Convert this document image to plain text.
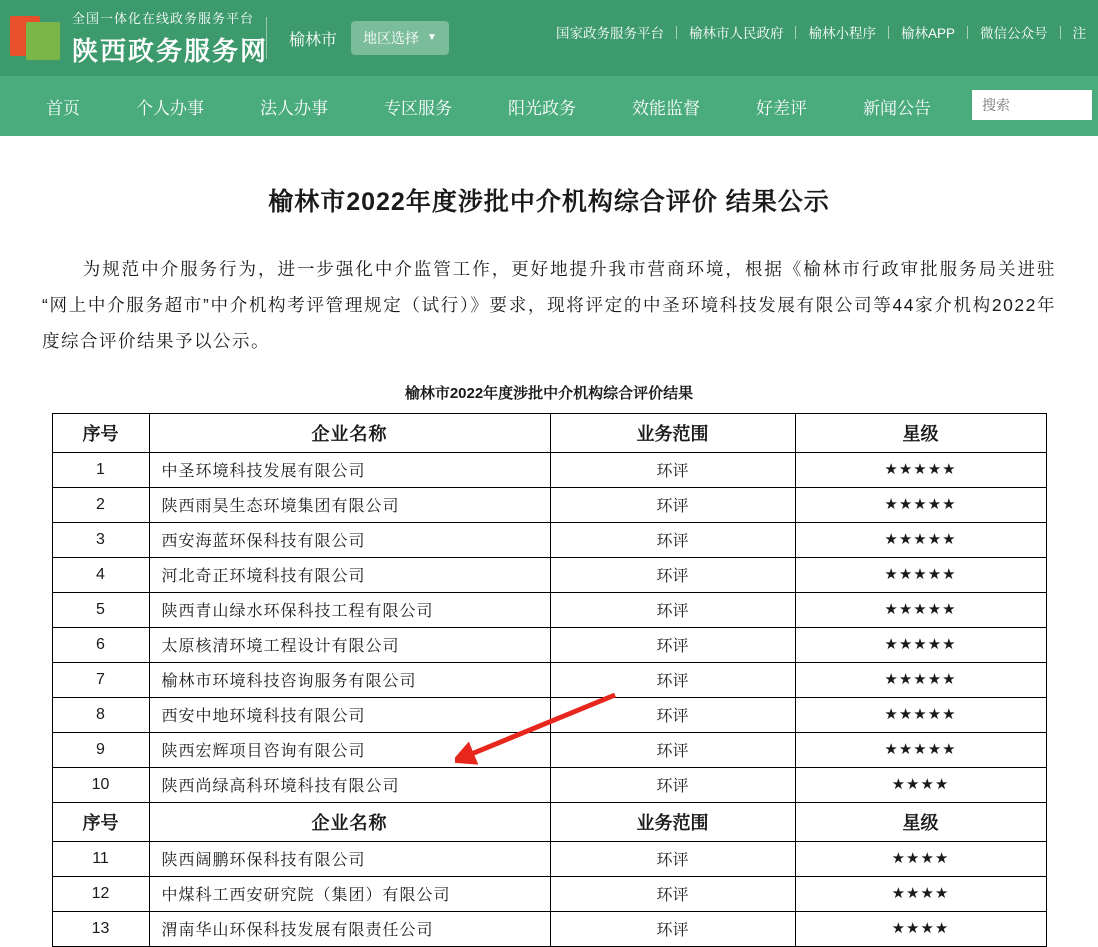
全国一体化在线政务服务平台
陕西政务服务网 榆林市 地区选择 ▼	国家政务服务平台	榆林市人民政府	榆林小程序	榆林APP	微信公众号	注
首页	个人办事	法人办事	专区服务	阳光政务	效能监督	好差评	新闻公告
搜索
榆林市2022年度涉批中介机构综合评价 结果公示

为规范中介服务行为，进一步强化中介监管工作，更好地提升我市营商环境，根据《榆林市行政审批服务局关进驻“网上中介服务超市”中介机构考评管理规定（试行）》要求，现将评定的中圣环境科技发展有限公司等44家介机构2022年度综合评价结果予以公示。

榆林市2022年度涉批中介机构综合评价结果
序号	企业名称	业务范围	星级
1	中圣环境科技发展有限公司	环评	★★★★★
2	陕西雨昊生态环境集团有限公司	环评	★★★★★
3	西安海蓝环保科技有限公司	环评	★★★★★
4	河北奇正环境科技有限公司	环评	★★★★★
5	陕西青山绿水环保科技工程有限公司	环评	★★★★★
6	太原核清环境工程设计有限公司	环评	★★★★★
7	榆林市环境科技咨询服务有限公司	环评	★★★★★
8	西安中地环境科技有限公司	环评	★★★★★
9	陕西宏辉项目咨询有限公司	环评	★★★★★
10	陕西尚绿高科环境科技有限公司	环评	★★★★
序号	企业名称	业务范围	星级
11	陕西阔鹏环保科技有限公司	环评	★★★★
12	中煤科工西安研究院（集团）有限公司	环评	★★★★
13	渭南华山环保科技发展有限责任公司	环评	★★★★
